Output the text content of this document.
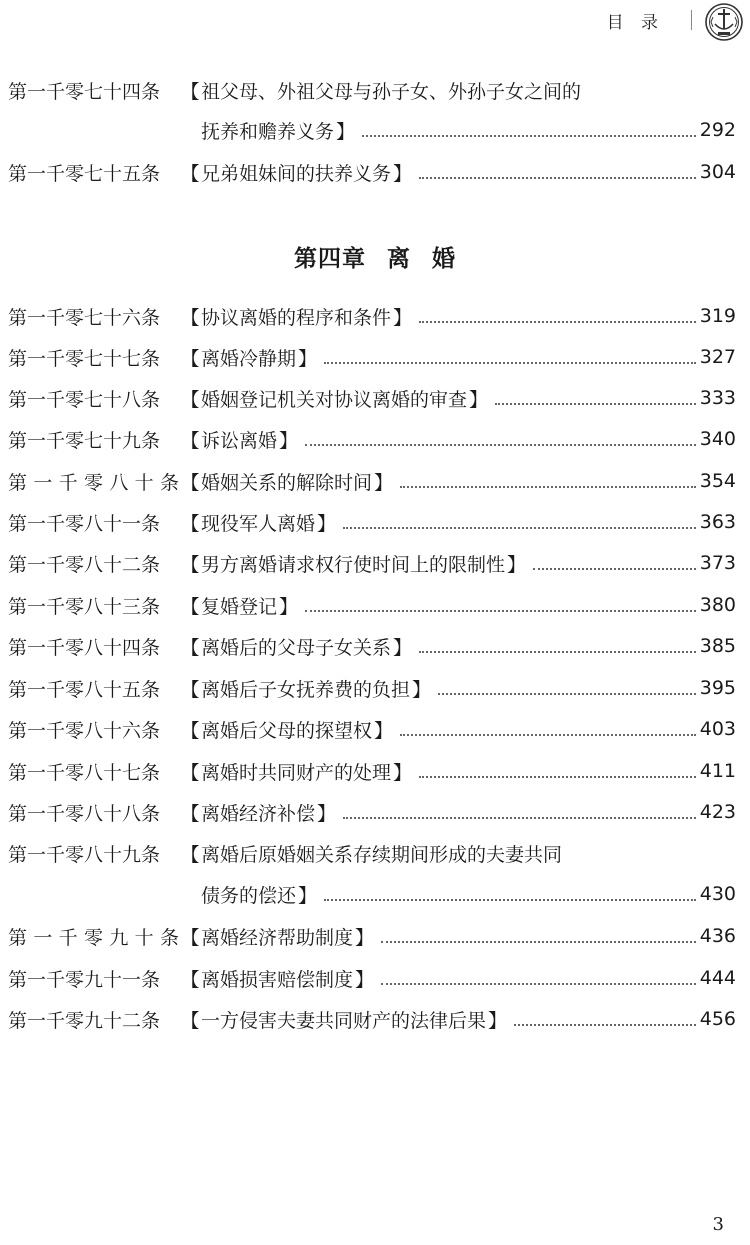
目 录
第一千零七十四条	【 祖父母、外祖父母与孙子女、外孙子女之间的
抚养和赡养义务 】	292
第一千零七十五条	【 兄弟姐妹间的扶养义务 】	304
第四章 离 婚
第一千零七十六条	【 协议离婚的程序和条件 】	319
第一千零七十七条	【 离婚冷静期 】	327
第一千零七十八条	【 婚姻登记机关对协议离婚的审查 】	333
第一千零七十九条	【 诉讼离婚 】	340
第一千零八十条 【 婚姻关系的解除时间 】	354
第一千零八十一条	【 现役军人离婚 】	363
第一千零八十二条	【 男方离婚请求权行使时间上的限制性 】	373
第一千零八十三条	【 复婚登记 】	380
第一千零八十四条	【 离婚后的父母子女关系 】	385
第一千零八十五条	【 离婚后子女抚养费的负担 】	395
第一千零八十六条	【 离婚后父母的探望权 】	403
第一千零八十七条	【 离婚时共同财产的处理 】	411
第一千零八十八条	【 离婚经济补偿 】	423
第一千零八十九条	【 离婚后原婚姻关系存续期间形成的夫妻共同
债务的偿还 】	430
第一千零九十条 【 离婚经济帮助制度 】	436
第一千零九十一条	【 离婚损害赔偿制度 】	444
第一千零九十二条	【 一方侵害夫妻共同财产的法律后果 】	456
3
